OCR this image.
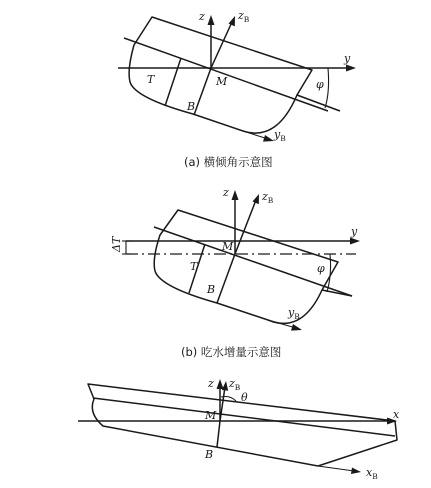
z	$z_B$
y
M
T
B
φ
$y_B$
(a) 横倾角示意图
z	$z_B$
y
M
T
B
φ
$y_B$
ΔT
(b) 吃水增量示意图
z $z_B$
θ
M	x
B
$x_B$
